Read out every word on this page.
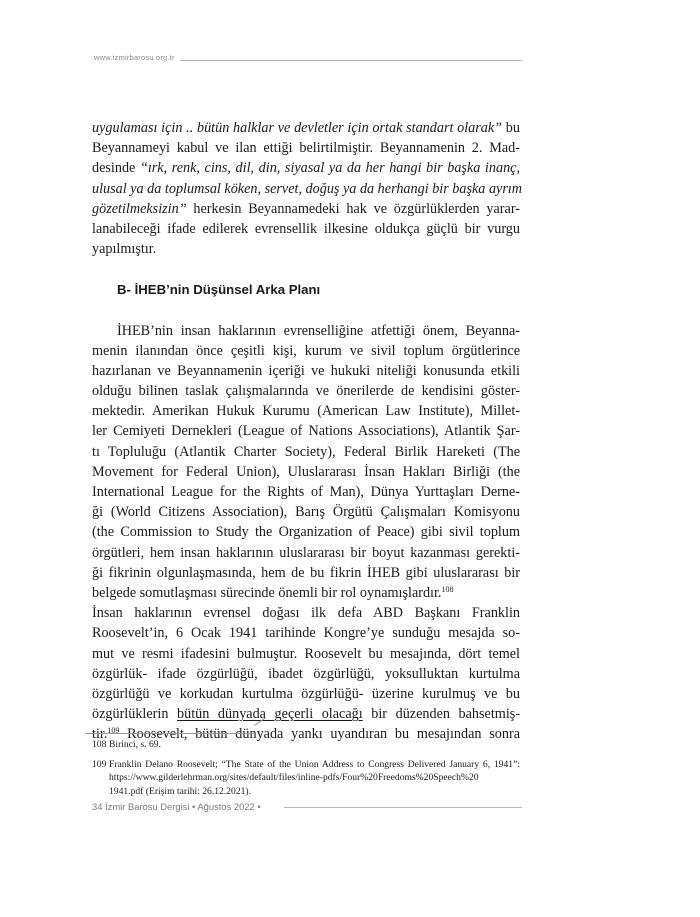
www.izmirbarosu.org.tr
uygulaması için .. bütün halklar ve devletler için ortak standart olarak” bu
Beyannameyi kabul ve ilan ettiği belirtilmiştir. Beyannamenin 2. Mad-
desinde “ırk, renk, cins, dil, din, siyasal ya da her hangi bir başka inanç,
ulusal ya da toplumsal köken, servet, doğuş ya da herhangi bir başka ayrım
gözetilmeksizin” herkesin Beyannamedeki hak ve özgürlüklerden yarar-
lanabileceği ifade edilerek evrensellik ilkesine oldukça güçlü bir vurgu
yapılmıştır.
B- İHEB’nin Düşünsel Arka Planı
İHEB’nin insan haklarının evrenselliğine atfettiği önem, Beyanna-
menin ilanından önce çeşitli kişi, kurum ve sivil toplum örgütlerince
hazırlanan ve Beyannamenin içeriği ve hukuki niteliği konusunda etkili
olduğu bilinen taslak çalışmalarında ve önerilerde de kendisini göster-
mektedir. Amerikan Hukuk Kurumu (American Law Institute), Millet-
ler Cemiyeti Dernekleri (League of Nations Associations), Atlantik Şar-
tı Topluluğu (Atlantik Charter Society), Federal Birlik Hareketi (The
Movement for Federal Union), Uluslararası İnsan Hakları Birliği (the
International League for the Rights of Man), Dünya Yurttaşları Derne-
ği (World Citizens Association), Barış Örgütü Çalışmaları Komisyonu
(the Commission to Study the Organization of Peace) gibi sivil toplum
örgütleri, hem insan haklarının uluslararası bir boyut kazanması gerekti-
ği fikrinin olgunlaşmasında, hem de bu fikrin İHEB gibi uluslararası bir
belgede somutlaşması sürecinde önemli bir rol oynamışlardır.$^{108}$
İnsan haklarının evrensel doğası ilk defa ABD Başkanı Franklin
Roosevelt’in, 6 Ocak 1941 tarihinde Kongre’ye sunduğu mesajda so-
mut ve resmi ifadesini bulmuştur. Roosevelt bu mesajında, dört temel
özgürlük- ifade özgürlüğü, ibadet özgürlüğü, yoksulluktan kurtulma
özgürlüğü ve korkudan kurtulma özgürlüğü- üzerine kurulmuş ve bu
özgürlüklerin bütün dünyada geçerli olacağı bir düzenden bahsetmiş-
tir.$^{109}$ Roosevelt, bütün dünyada yankı uyandıran bu mesajından sonra
108 Birinci, s. 69.
109 Franklin Delano Roosevelt; “The State of the Union Address to Congress Delivered January 6, 1941”:
https://www.gilderlehrman.org/sites/default/files/inline-pdfs/Four%20Freedoms%20Speech%20
1941.pdf (Erişim tarihi: 26.12.2021).
34 İzmir Barosu Dergisi • Ağustos 2022 •
